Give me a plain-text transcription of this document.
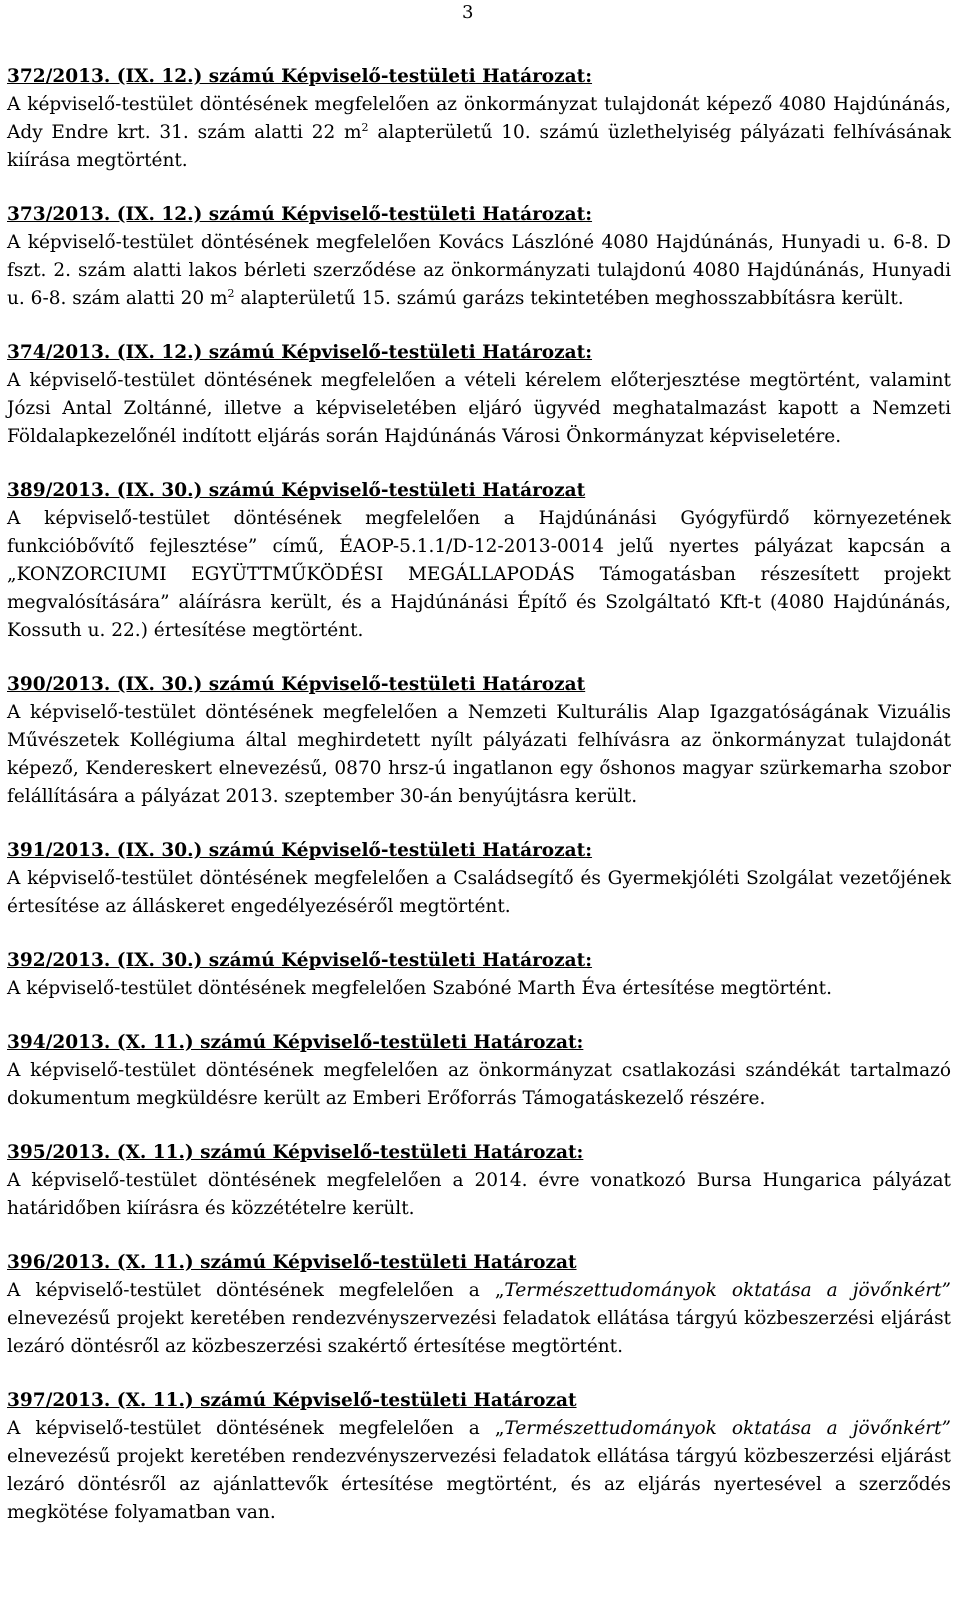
3
372/2013. (IX. 12.) számú Képviselő-testületi Határozat:
A képviselő-testület döntésének megfelelően az önkormányzat tulajdonát képező 4080 Hajdúnánás, Ady Endre krt. 31. szám alatti 22 $m^2$ alapterületű 10. számú üzlethelyiség pályázati felhívásának kiírása megtörtént.
373/2013. (IX. 12.) számú Képviselő-testületi Határozat:
A képviselő-testület döntésének megfelelően Kovács Lászlóné 4080 Hajdúnánás, Hunyadi u. 6-8. D fszt. 2. szám alatti lakos bérleti szerződése az önkormányzati tulajdonú 4080 Hajdúnánás, Hunyadi u. 6-8. szám alatti 20 $m^2$ alapterületű 15. számú garázs tekintetében meghosszabbításra került.
374/2013. (IX. 12.) számú Képviselő-testületi Határozat:
A képviselő-testület döntésének megfelelően a vételi kérelem előterjesztése megtörtént, valamint Józsi Antal Zoltánné, illetve a képviseletében eljáró ügyvéd meghatalmazást kapott a Nemzeti Földalapkezelőnél indított eljárás során Hajdúnánás Városi Önkormányzat képviseletére.
389/2013. (IX. 30.) számú Képviselő-testületi Határozat
A képviselő-testület döntésének megfelelően a Hajdúnánási Gyógyfürdő környezetének funkcióbővítő fejlesztése” című, ÉAOP-5.1.1/D-12-2013-0014 jelű nyertes pályázat kapcsán a „KONZORCIUMI EGYÜTTMŰKÖDÉSI MEGÁLLAPODÁS Támogatásban részesített projekt megvalósítására” aláírásra került, és a Hajdúnánási Építő és Szolgáltató Kft-t (4080 Hajdúnánás, Kossuth u. 22.) értesítése megtörtént.
390/2013. (IX. 30.) számú Képviselő-testületi Határozat
A képviselő-testület döntésének megfelelően a Nemzeti Kulturális Alap Igazgatóságának Vizuális Művészetek Kollégiuma által meghirdetett nyílt pályázati felhívásra az önkormányzat tulajdonát képező, Kendereskert elnevezésű, 0870 hrsz-ú ingatlanon egy őshonos magyar szürkemarha szobor felállítására a pályázat 2013. szeptember 30-án benyújtásra került.
391/2013. (IX. 30.) számú Képviselő-testületi Határozat:
A képviselő-testület döntésének megfelelően a Családsegítő és Gyermekjóléti Szolgálat vezetőjének értesítése az álláskeret engedélyezéséről megtörtént.
392/2013. (IX. 30.) számú Képviselő-testületi Határozat:
A képviselő-testület döntésének megfelelően Szabóné Marth Éva értesítése megtörtént.
394/2013. (X. 11.) számú Képviselő-testületi Határozat:
A képviselő-testület döntésének megfelelően az önkormányzat csatlakozási szándékát tartalmazó dokumentum megküldésre került az Emberi Erőforrás Támogatáskezelő részére.
395/2013. (X. 11.) számú Képviselő-testületi Határozat:
A képviselő-testület döntésének megfelelően a 2014. évre vonatkozó Bursa Hungarica pályázat határidőben kiírásra és közzétételre került.
396/2013. (X. 11.) számú Képviselő-testületi Határozat
A képviselő-testület döntésének megfelelően a „Természettudományok oktatása a jövőnkért” elnevezésű projekt keretében rendezvényszervezési feladatok ellátása tárgyú közbeszerzési eljárást lezáró döntésről az közbeszerzési szakértő értesítése megtörtént.
397/2013. (X. 11.) számú Képviselő-testületi Határozat
A képviselő-testület döntésének megfelelően a „Természettudományok oktatása a jövőnkért” elnevezésű projekt keretében rendezvényszervezési feladatok ellátása tárgyú közbeszerzési eljárást lezáró döntésről az ajánlattevők értesítése megtörtént, és az eljárás nyertesével a szerződés megkötése folyamatban van.
